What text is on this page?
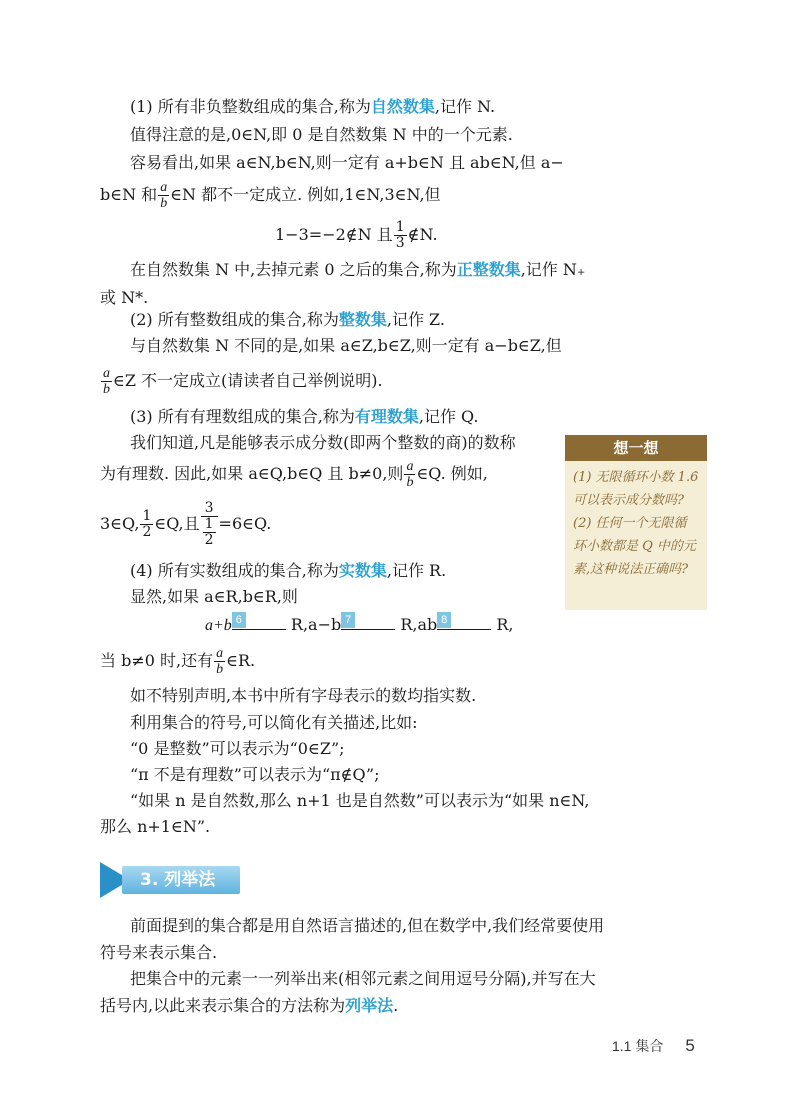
(1) 所有非负整数组成的集合,称为自然数集,记作 N.
值得注意的是,0∈N,即 0 是自然数集 N 中的一个元素.
容易看出,如果 a∈N,b∈N,则一定有 a+b∈N 且 ab∈N,但 a−
b∈N 和 $\frac{a}{b}$ ∈N 都不一定成立. 例如,1∈N,3∈N,但
1−3=−2∉N 且 $\frac{1}{3}$ ∉N.
在自然数集 N 中,去掉元素 0 之后的集合,称为正整数集,记作 N₊
或 N*.
(2) 所有整数组成的集合,称为整数集,记作 Z.
与自然数集 N 不同的是,如果 a∈Z,b∈Z,则一定有 a−b∈Z,但
$\frac{a}{b}$ ∈Z 不一定成立(请读者自己举例说明).
(3) 所有有理数组成的集合,称为有理数集,记作 Q.
我们知道,凡是能够表示成分数(即两个整数的商)的数称
为有理数. 因此,如果 a∈Q,b∈Q 且 b≠0,则 $\frac{a}{b}$ ∈Q. 例如,
3∈Q, $\frac{1}{2}$ ∈Q,且 $\frac{3}{\frac{1}{2}}$ =6∈Q.
(4) 所有实数组成的集合,称为实数集,记作 R.
显然,如果 a∈R,b∈R,则
a+b 6	R,a−b 7	R,ab 8	R,
当 b≠0 时,还有 $\frac{a}{b}$ ∈R.
如不特别声明,本书中所有字母表示的数均指实数.
利用集合的符号,可以简化有关描述,比如:
“0 是整数”可以表示为“0∈Z”;
“π 不是有理数”可以表示为“π∉Q”;
“如果 n 是自然数,那么 n+1 也是自然数”可以表示为“如果 n∈N,
那么 n+1∈N”.
3. 列举法
前面提到的集合都是用自然语言描述的,但在数学中,我们经常要使用
符号来表示集合.
把集合中的元素一一列举出来(相邻元素之间用逗号分隔),并写在大
括号内,以此来表示集合的方法称为列举法.
想一想
(1) 无限循环小数 1.6̇ 可以表示成分数吗?
(2) 任何一个无限循环小数都是 Q 中的元素,这种说法正确吗?
1.1 集合 5
